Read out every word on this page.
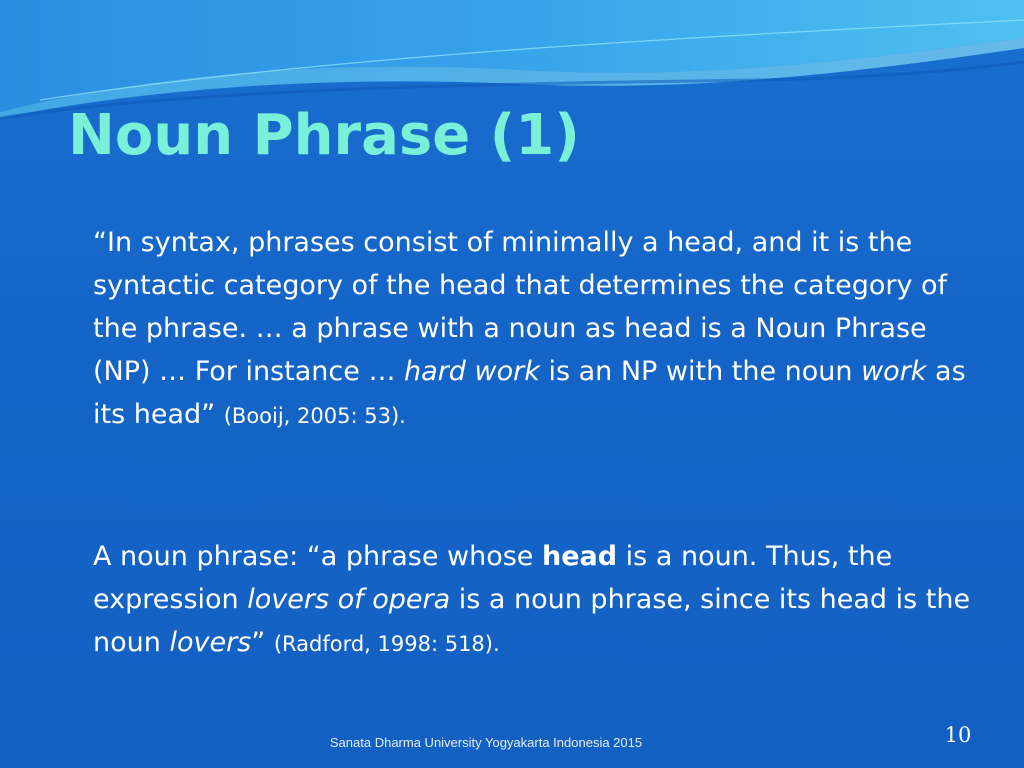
Noun Phrase (1)

“In syntax, phrases consist of minimally a head, and it is the syntactic category of the head that determines the category of the phrase. … a phrase with a noun as head is a Noun Phrase (NP) … For instance … hard work is an NP with the noun work as its head” (Booij, 2005: 53).

A noun phrase: “a phrase whose head is a noun. Thus, the expression lovers of opera is a noun phrase, since its head is the noun lovers” (Radford, 1998: 518).

Sanata Dharma University Yogyakarta Indonesia 2015	10
